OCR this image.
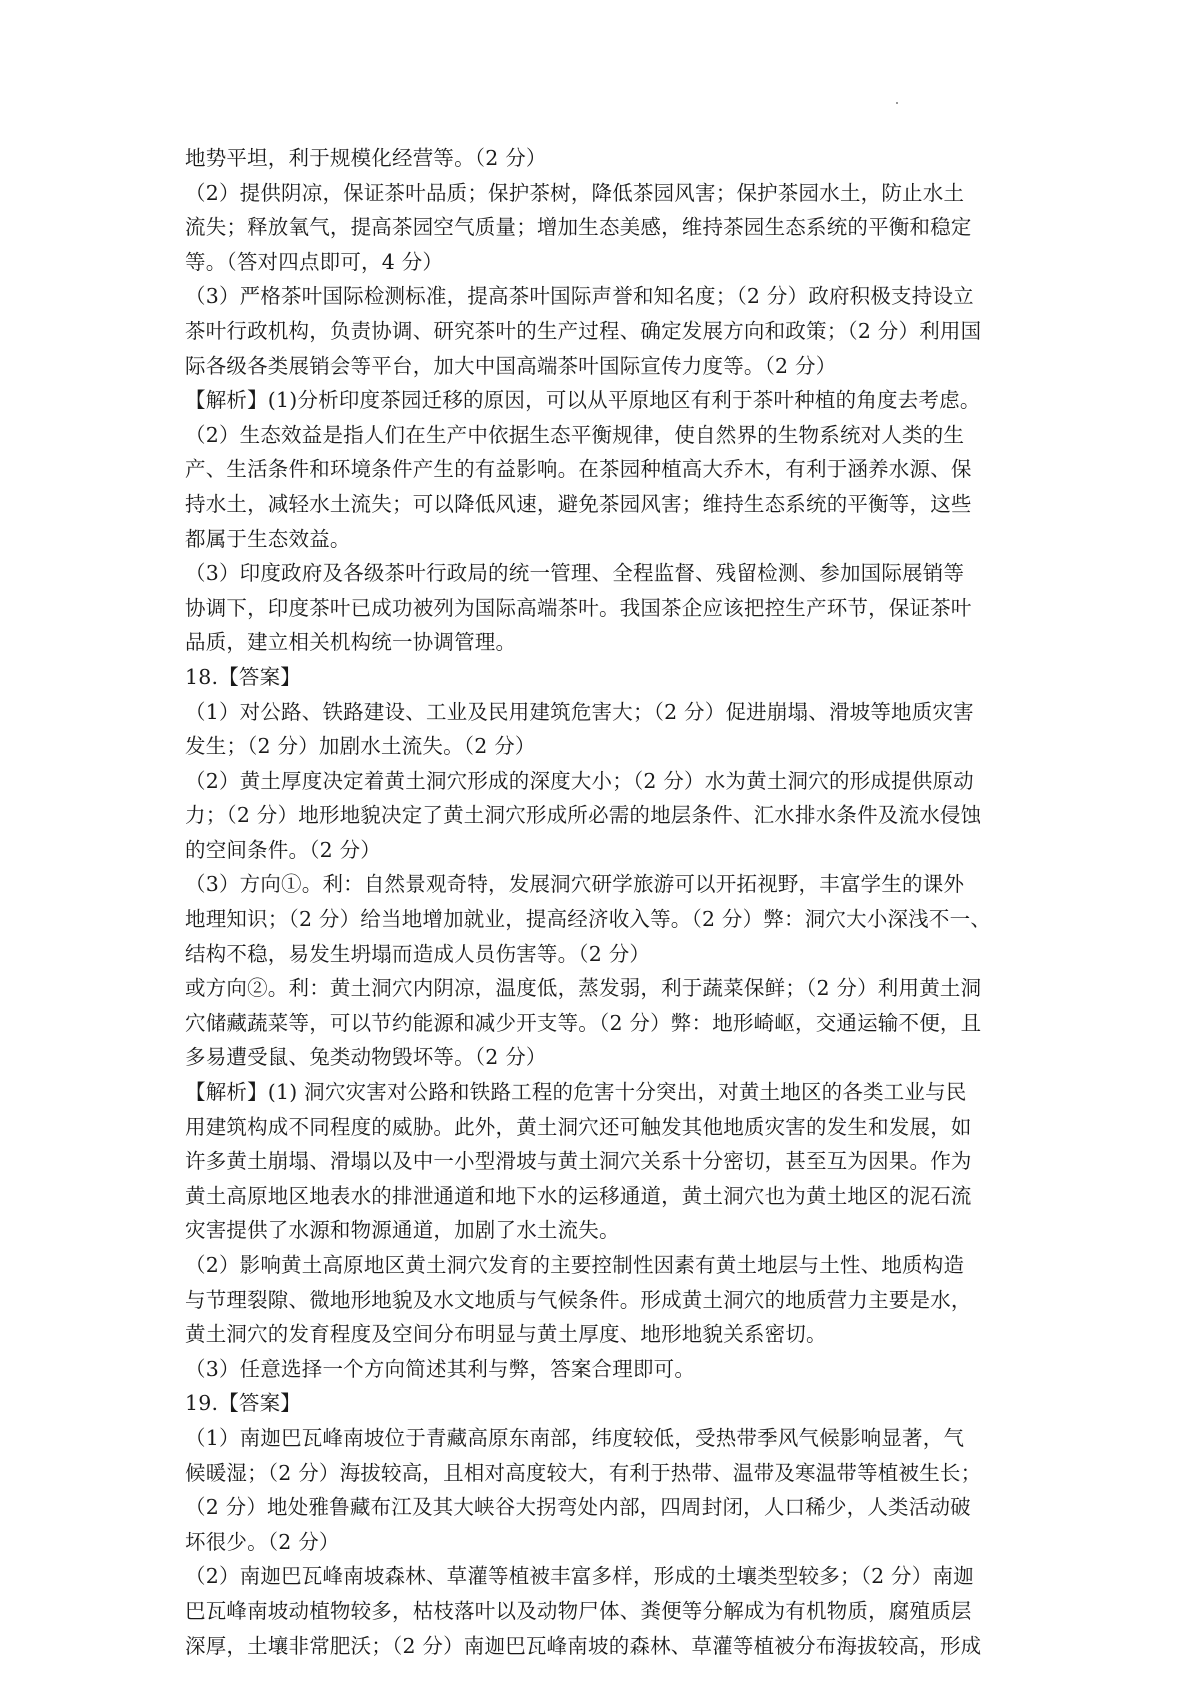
地势平坦，利于规模化经营等。（2 分）
（2）提供阴凉，保证茶叶品质；保护茶树，降低茶园风害；保护茶园水土，防止水土
流失；释放氧气，提高茶园空气质量；增加生态美感，维持茶园生态系统的平衡和稳定
等。（答对四点即可，4 分）
（3）严格茶叶国际检测标准，提高茶叶国际声誉和知名度；（2 分）政府积极支持设立
茶叶行政机构，负责协调、研究茶叶的生产过程、确定发展方向和政策；（2 分）利用国
际各级各类展销会等平台，加大中国高端茶叶国际宣传力度等。（2 分）
【解析】(1)分析印度茶园迁移的原因，可以从平原地区有利于茶叶种植的角度去考虑。
（2）生态效益是指人们在生产中依据生态平衡规律，使自然界的生物系统对人类的生
产、生活条件和环境条件产生的有益影响。在茶园种植高大乔木，有利于涵养水源、保
持水土，减轻水土流失；可以降低风速，避免茶园风害；维持生态系统的平衡等，这些
都属于生态效益。
（3）印度政府及各级茶叶行政局的统一管理、全程监督、残留检测、参加国际展销等
协调下，印度茶叶已成功被列为国际高端茶叶。我国茶企应该把控生产环节，保证茶叶
品质，建立相关机构统一协调管理。
18.【答案】
（1）对公路、铁路建设、工业及民用建筑危害大；（2 分）促进崩塌、滑坡等地质灾害
发生；（2 分）加剧水土流失。（2 分）
（2）黄土厚度决定着黄土洞穴形成的深度大小；（2 分）水为黄土洞穴的形成提供原动
力；（2 分）地形地貌决定了黄土洞穴形成所必需的地层条件、汇水排水条件及流水侵蚀
的空间条件。（2 分）
（3）方向①。利：自然景观奇特，发展洞穴研学旅游可以开拓视野，丰富学生的课外
地理知识；（2 分）给当地增加就业，提高经济收入等。（2 分）弊：洞穴大小深浅不一、
结构不稳，易发生坍塌而造成人员伤害等。（2 分）
或方向②。利：黄土洞穴内阴凉，温度低，蒸发弱，利于蔬菜保鲜；（2 分）利用黄土洞
穴储藏蔬菜等，可以节约能源和减少开支等。（2 分）弊：地形崎岖，交通运输不便，且
多易遭受鼠、兔类动物毁坏等。（2 分）
【解析】(1) 洞穴灾害对公路和铁路工程的危害十分突出，对黄土地区的各类工业与民
用建筑构成不同程度的威胁。此外，黄土洞穴还可触发其他地质灾害的发生和发展，如
许多黄土崩塌、滑塌以及中一小型滑坡与黄土洞穴关系十分密切，甚至互为因果。作为
黄土高原地区地表水的排泄通道和地下水的运移通道，黄土洞穴也为黄土地区的泥石流
灾害提供了水源和物源通道，加剧了水土流失。
（2）影响黄土高原地区黄土洞穴发育的主要控制性因素有黄土地层与土性、地质构造
与节理裂隙、微地形地貌及水文地质与气候条件。形成黄土洞穴的地质营力主要是水，
黄土洞穴的发育程度及空间分布明显与黄土厚度、地形地貌关系密切。
（3）任意选择一个方向简述其利与弊，答案合理即可。
19.【答案】
（1）南迦巴瓦峰南坡位于青藏高原东南部，纬度较低，受热带季风气候影响显著，气
候暖湿；（2 分）海拔较高，且相对高度较大，有利于热带、温带及寒温带等植被生长；
（2 分）地处雅鲁藏布江及其大峡谷大拐弯处内部，四周封闭，人口稀少，人类活动破
坏很少。（2 分）
（2）南迦巴瓦峰南坡森林、草灌等植被丰富多样，形成的土壤类型较多；（2 分）南迦
巴瓦峰南坡动植物较多，枯枝落叶以及动物尸体、粪便等分解成为有机物质，腐殖质层
深厚，土壤非常肥沃；（2 分）南迦巴瓦峰南坡的森林、草灌等植被分布海拔较高，形成
